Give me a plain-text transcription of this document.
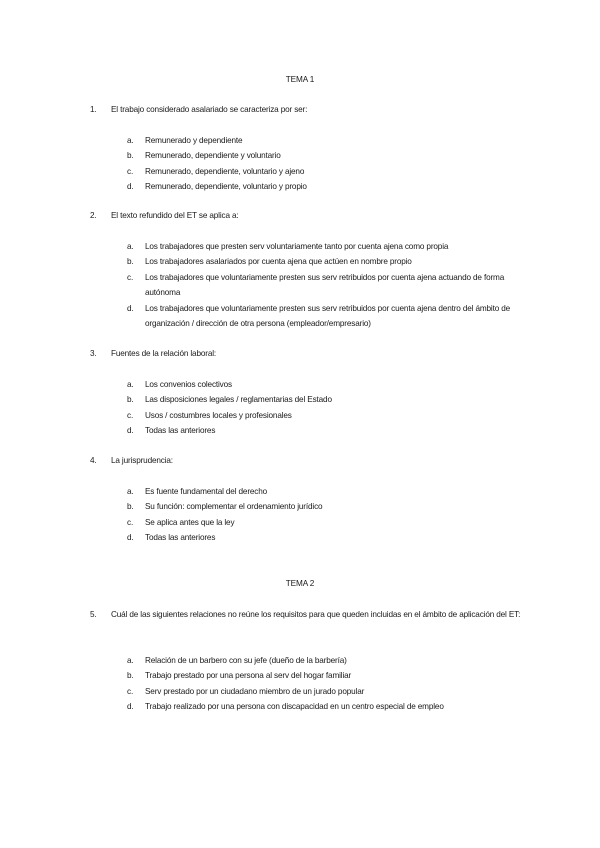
TEMA 1
1. El trabajo considerado asalariado se caracteriza por ser:
a. Remunerado y dependiente
b. Remunerado, dependiente y voluntario
c. Remunerado, dependiente, voluntario y ajeno
d. Remunerado, dependiente, voluntario y propio
2. El texto refundido del ET se aplica a:
a. Los trabajadores que presten serv voluntariamente tanto por cuenta ajena como propia
b. Los trabajadores asalariados por cuenta ajena que actúen en nombre propio
c. Los trabajadores que voluntariamente presten sus serv retribuidos por cuenta ajena actuando de forma autónoma
d. Los trabajadores que voluntariamente presten sus serv retribuidos por cuenta ajena dentro del ámbito de organización / dirección de otra persona (empleador/empresario)
3. Fuentes de la relación laboral:
a. Los convenios colectivos
b. Las disposiciones legales / reglamentarias del Estado
c. Usos / costumbres locales y profesionales
d. Todas las anteriores
4. La jurisprudencia:
a. Es fuente fundamental del derecho
b. Su función: complementar el ordenamiento jurídico
c. Se aplica antes que la ley
d. Todas las anteriores
TEMA 2
5. Cuál de las siguientes relaciones no reúne los requisitos para que queden incluidas en el ámbito de aplicación del ET:
a. Relación de un barbero con su jefe (dueño de la barbería)
b. Trabajo prestado por una persona al serv del hogar familiar
c. Serv prestado por un ciudadano miembro de un jurado popular
d. Trabajo realizado por una persona con discapacidad en un centro especial de empleo
